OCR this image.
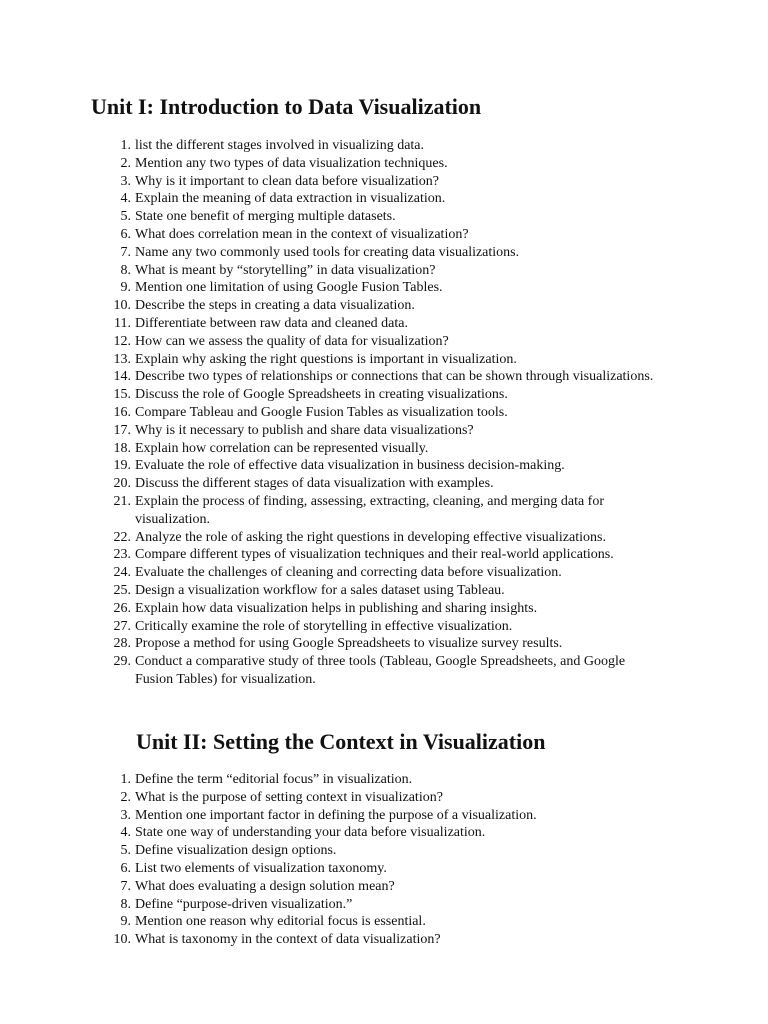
Unit I: Introduction to Data Visualization
1. list the different stages involved in visualizing data.
2. Mention any two types of data visualization techniques.
3. Why is it important to clean data before visualization?
4. Explain the meaning of data extraction in visualization.
5. State one benefit of merging multiple datasets.
6. What does correlation mean in the context of visualization?
7. Name any two commonly used tools for creating data visualizations.
8. What is meant by “storytelling” in data visualization?
9. Mention one limitation of using Google Fusion Tables.
10. Describe the steps in creating a data visualization.
11. Differentiate between raw data and cleaned data.
12. How can we assess the quality of data for visualization?
13. Explain why asking the right questions is important in visualization.
14. Describe two types of relationships or connections that can be shown through visualizations.
15. Discuss the role of Google Spreadsheets in creating visualizations.
16. Compare Tableau and Google Fusion Tables as visualization tools.
17. Why is it necessary to publish and share data visualizations?
18. Explain how correlation can be represented visually.
19. Evaluate the role of effective data visualization in business decision-making.
20. Discuss the different stages of data visualization with examples.
21. Explain the process of finding, assessing, extracting, cleaning, and merging data for visualization.
22. Analyze the role of asking the right questions in developing effective visualizations.
23. Compare different types of visualization techniques and their real-world applications.
24. Evaluate the challenges of cleaning and correcting data before visualization.
25. Design a visualization workflow for a sales dataset using Tableau.
26. Explain how data visualization helps in publishing and sharing insights.
27. Critically examine the role of storytelling in effective visualization.
28. Propose a method for using Google Spreadsheets to visualize survey results.
29. Conduct a comparative study of three tools (Tableau, Google Spreadsheets, and Google Fusion Tables) for visualization.
Unit II: Setting the Context in Visualization
1. Define the term “editorial focus” in visualization.
2. What is the purpose of setting context in visualization?
3. Mention one important factor in defining the purpose of a visualization.
4. State one way of understanding your data before visualization.
5. Define visualization design options.
6. List two elements of visualization taxonomy.
7. What does evaluating a design solution mean?
8. Define “purpose-driven visualization.”
9. Mention one reason why editorial focus is essential.
10. What is taxonomy in the context of data visualization?
